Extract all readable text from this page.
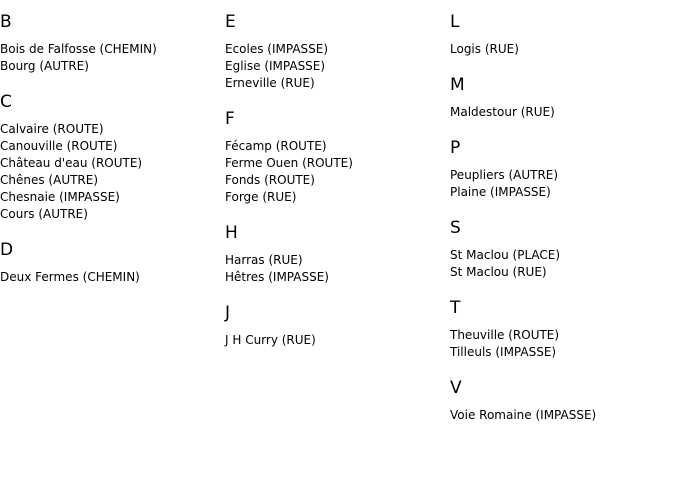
B
Bois de Falfosse (CHEMIN)
Bourg (AUTRE)
C
Calvaire (ROUTE)
Canouville (ROUTE)
Château d'eau (ROUTE)
Chênes (AUTRE)
Chesnaie (IMPASSE)
Cours (AUTRE)
D
Deux Fermes (CHEMIN)
E
Ecoles (IMPASSE)
Eglise (IMPASSE)
Erneville (RUE)
F
Fécamp (ROUTE)
Ferme Ouen (ROUTE)
Fonds (ROUTE)
Forge (RUE)
H
Harras (RUE)
Hêtres (IMPASSE)
J
J H Curry (RUE)
L
Logis (RUE)
M
Maldestour (RUE)
P
Peupliers (AUTRE)
Plaine (IMPASSE)
S
St Maclou (PLACE)
St Maclou (RUE)
T
Theuville (ROUTE)
Tilleuls (IMPASSE)
V
Voie Romaine (IMPASSE)
